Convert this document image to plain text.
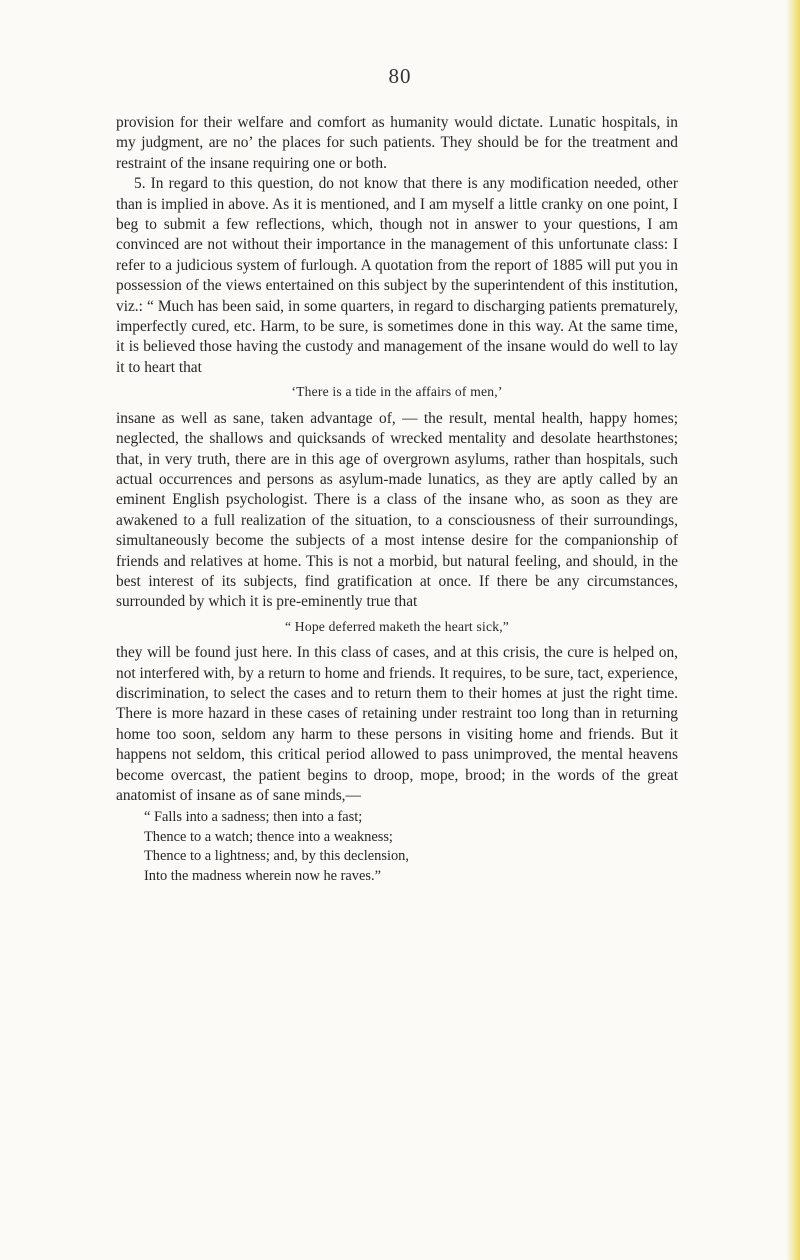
80

provision for their welfare and comfort as humanity would dictate. Lunatic hospitals, in my judgment, are no’ the places for such patients. They should be for the treatment and restraint of the insane requiring one or both.

5. In regard to this question, do not know that there is any modification needed, other than is implied in above. As it is mentioned, and I am myself a little cranky on one point, I beg to submit a few reflections, which, though not in answer to your questions, I am convinced are not without their importance in the management of this unfortunate class: I refer to a judicious system of furlough. A quotation from the report of 1885 will put you in possession of the views entertained on this subject by the superintendent of this institution, viz.: “ Much has been said, in some quarters, in regard to discharging patients prematurely, imperfectly cured, etc. Harm, to be sure, is sometimes done in this way. At the same time, it is believed those having the custody and management of the insane would do well to lay it to heart that

‘There is a tide in the affairs of men,’

insane as well as sane, taken advantage of, — the result, mental health, happy homes; neglected, the shallows and quicksands of wrecked mentality and desolate hearthstones; that, in very truth, there are in this age of overgrown asylums, rather than hospitals, such actual occurrences and persons as asylum-made lunatics, as they are aptly called by an eminent English psychologist. There is a class of the insane who, as soon as they are awakened to a full realization of the situation, to a consciousness of their surroundings, simultaneously become the subjects of a most intense desire for the companionship of friends and relatives at home. This is not a morbid, but natural feeling, and should, in the best interest of its subjects, find gratification at once. If there be any circumstances, surrounded by which it is pre-eminently true that

“ Hope deferred maketh the heart sick,”

they will be found just here. In this class of cases, and at this crisis, the cure is helped on, not interfered with, by a return to home and friends. It requires, to be sure, tact, experience, discrimination, to select the cases and to return them to their homes at just the right time. There is more hazard in these cases of retaining under restraint too long than in returning home too soon, seldom any harm to these persons in visiting home and friends. But it happens not seldom, this critical period allowed to pass unimproved, the mental heavens become overcast, the patient begins to droop, mope, brood; in the words of the great anatomist of insane as of sane minds,—

“ Falls into a sadness; then into a fast;
Thence to a watch; thence into a weakness;
Thence to a lightness; and, by this declension,
Into the madness wherein now he raves.”
